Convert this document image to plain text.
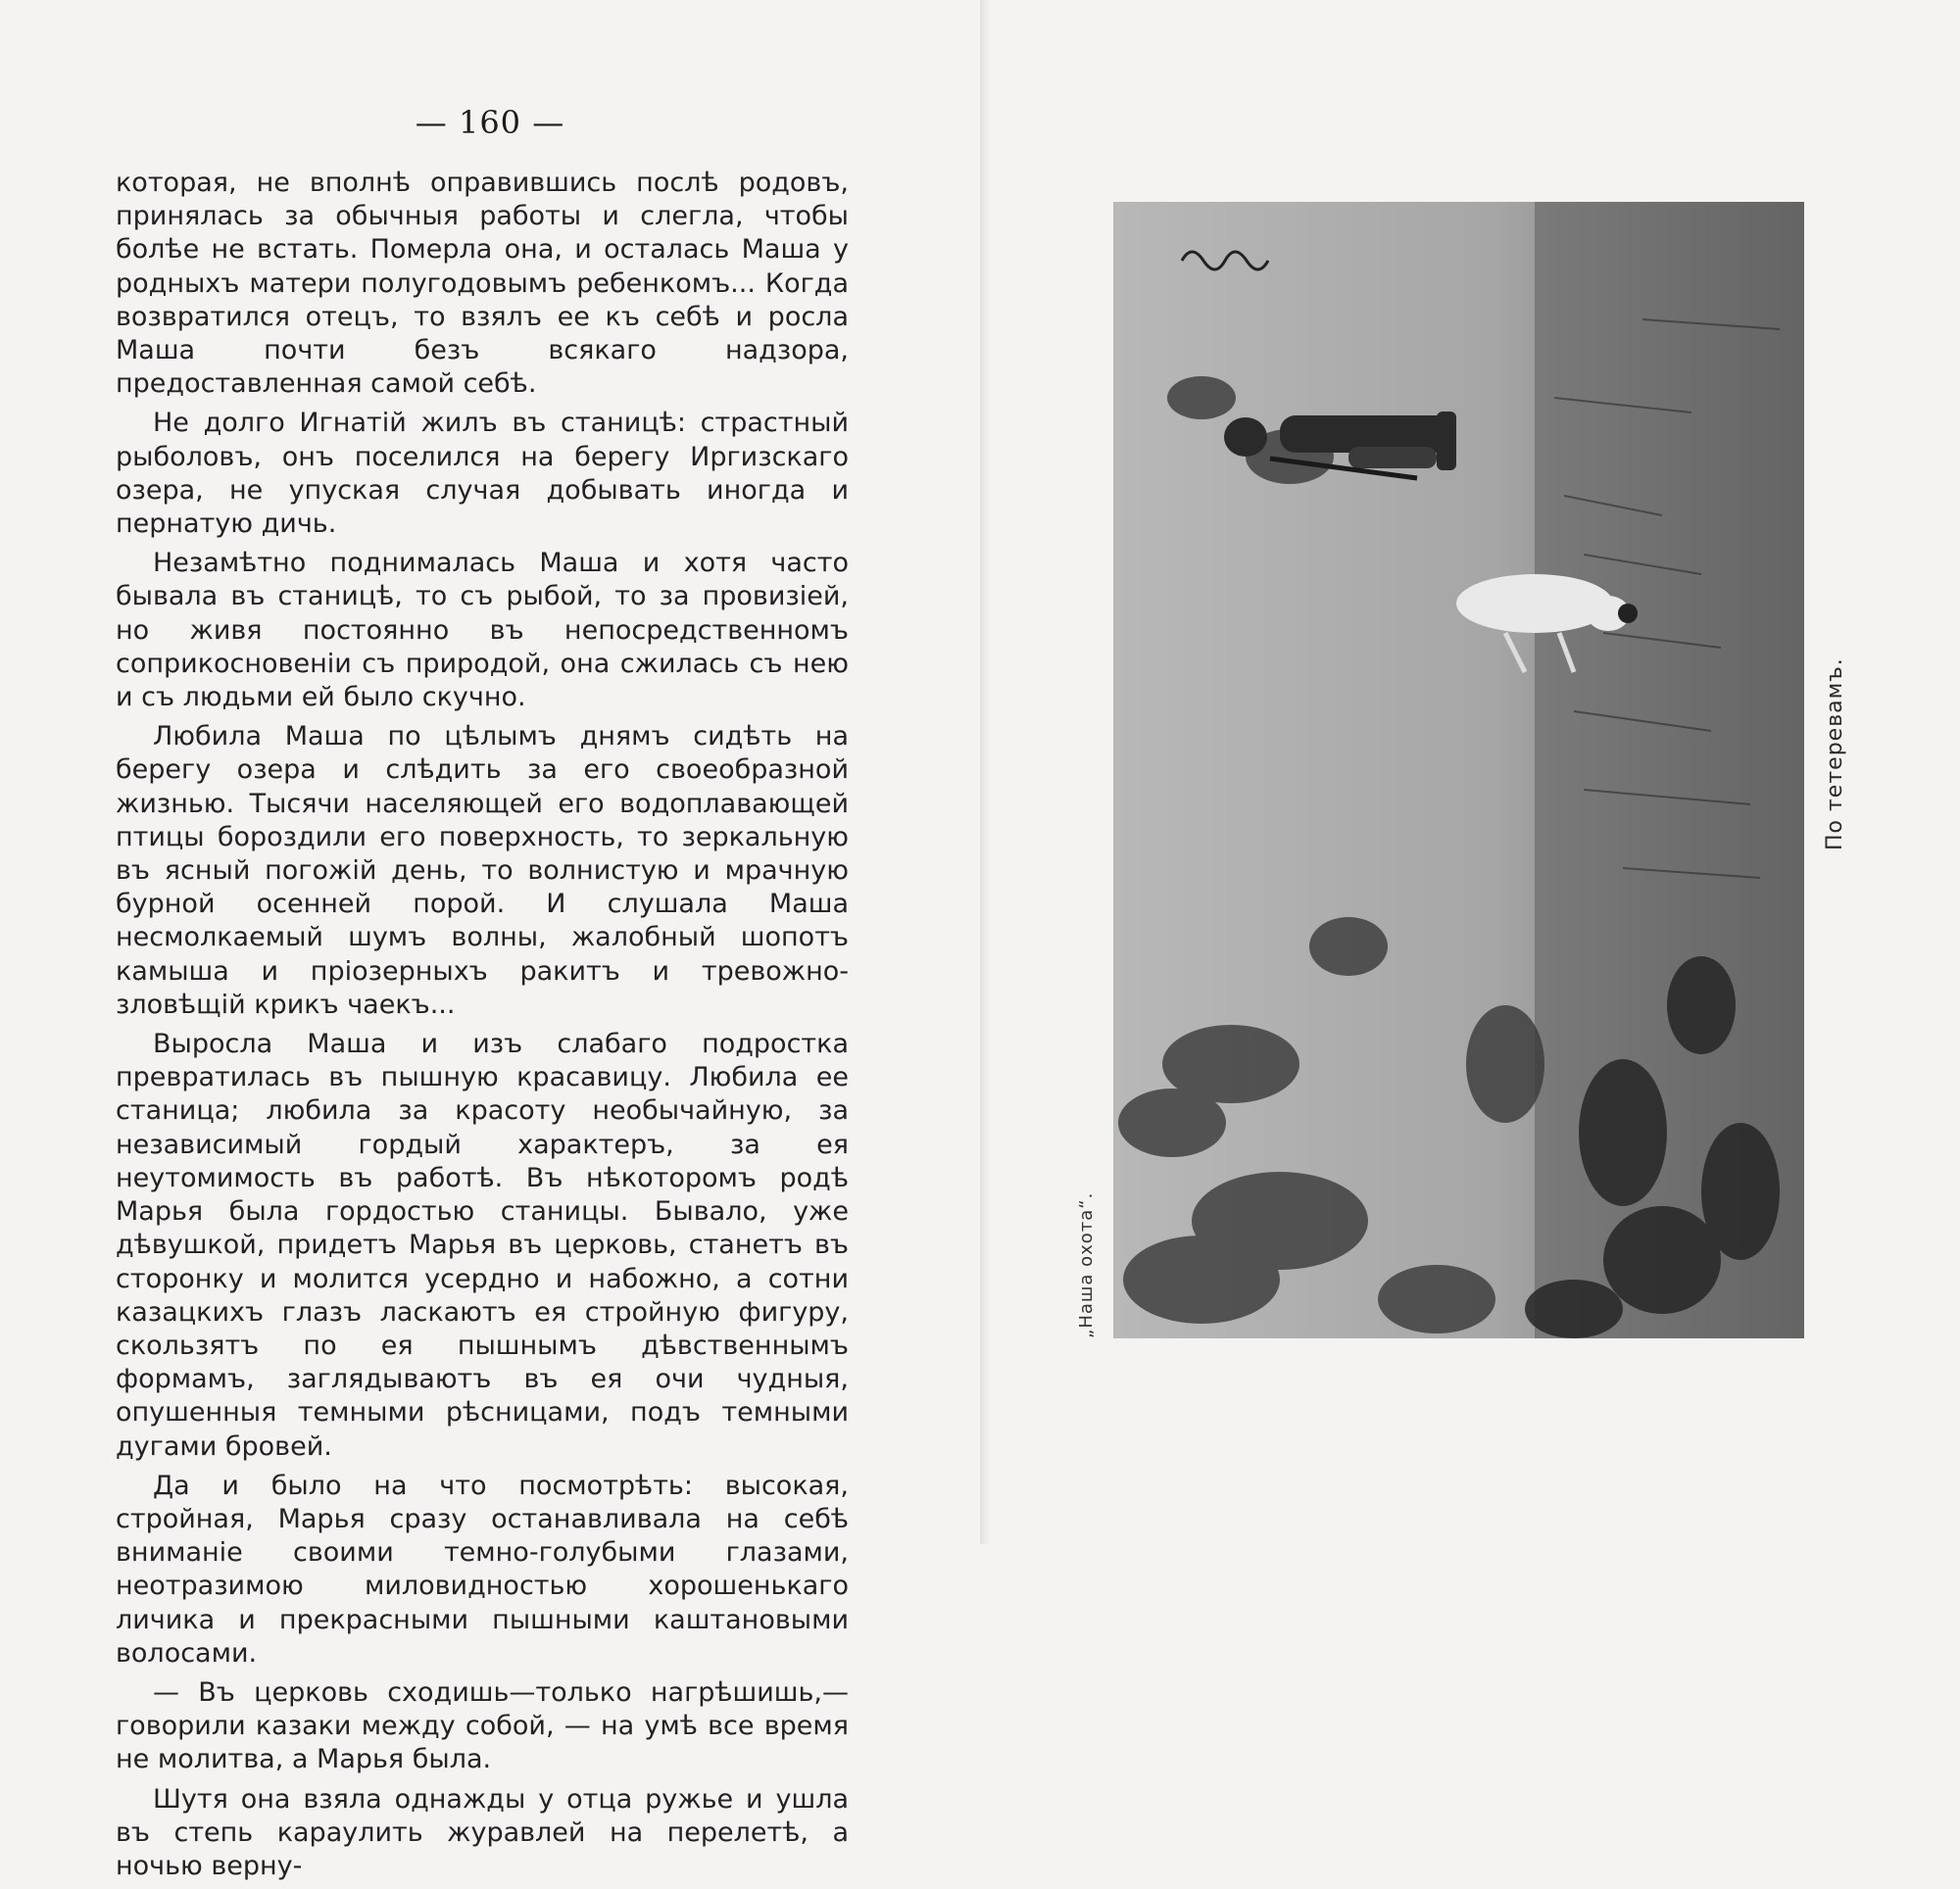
— 160 —

которая, не вполнѣ оправившись послѣ родовъ, принялась за обычныя работы и слегла, чтобы болѣе не встать. Померла она, и осталась Маша у родныхъ матери полугодовымъ ребенкомъ... Когда возвратился отецъ, то взялъ ее къ себѣ и росла Маша почти безъ всякаго надзора, предоставленная самой себѣ.

Не долго Игнатій жилъ въ станицѣ: страстный рыболовъ, онъ поселился на берегу Иргизскаго озера, не упуская случая добывать иногда и пернатую дичь.

Незамѣтно поднималась Маша и хотя часто бывала въ станицѣ, то съ рыбой, то за провизіей, но живя постоянно въ непосредственномъ соприкосновеніи съ природой, она сжилась съ нею и съ людьми ей было скучно.

Любила Маша по цѣлымъ днямъ сидѣть на берегу озера и слѣдить за его своеобразной жизнью. Тысячи населяющей его водоплавающей птицы бороздили его поверхность, то зеркальную въ ясный погожій день, то волнистую и мрачную бурной осенней порой. И слушала Маша несмолкаемый шумъ волны, жалобный шопотъ камыша и пріозерныхъ ракитъ и тревожно-зловѣщій крикъ чаекъ...

Выросла Маша и изъ слабаго подростка превратилась въ пышную красавицу. Любила ее станица; любила за красоту необычайную, за независимый гордый характеръ, за ея неутомимость въ работѣ. Въ нѣкоторомъ родѣ Марья была гордостью станицы. Бывало, уже дѣвушкой, придетъ Марья въ церковь, станетъ въ сторонку и молится усердно и набожно, а сотни казацкихъ глазъ ласкаютъ ея стройную фигуру, скользятъ по ея пышнымъ дѣвственнымъ формамъ, заглядываютъ въ ея очи чудныя, опушенныя темными рѣсницами, подъ темными дугами бровей.

Да и было на что посмотрѣть: высокая, стройная, Марья сразу останавливала на себѣ вниманіе своими темно-голубыми глазами, неотразимою миловидностью хорошенькаго личика и прекрасными пышными каштановыми волосами.

— Въ церковь сходишь—только нагрѣшишь,—говорили казаки между собой, — на умѣ все время не молитва, а Марья была.

Шутя она взяла однажды у отца ружье и ушла въ степь караулить журавлей на перелетѣ, а ночью верну-

„Наша охота“.
По тетеревамъ.
